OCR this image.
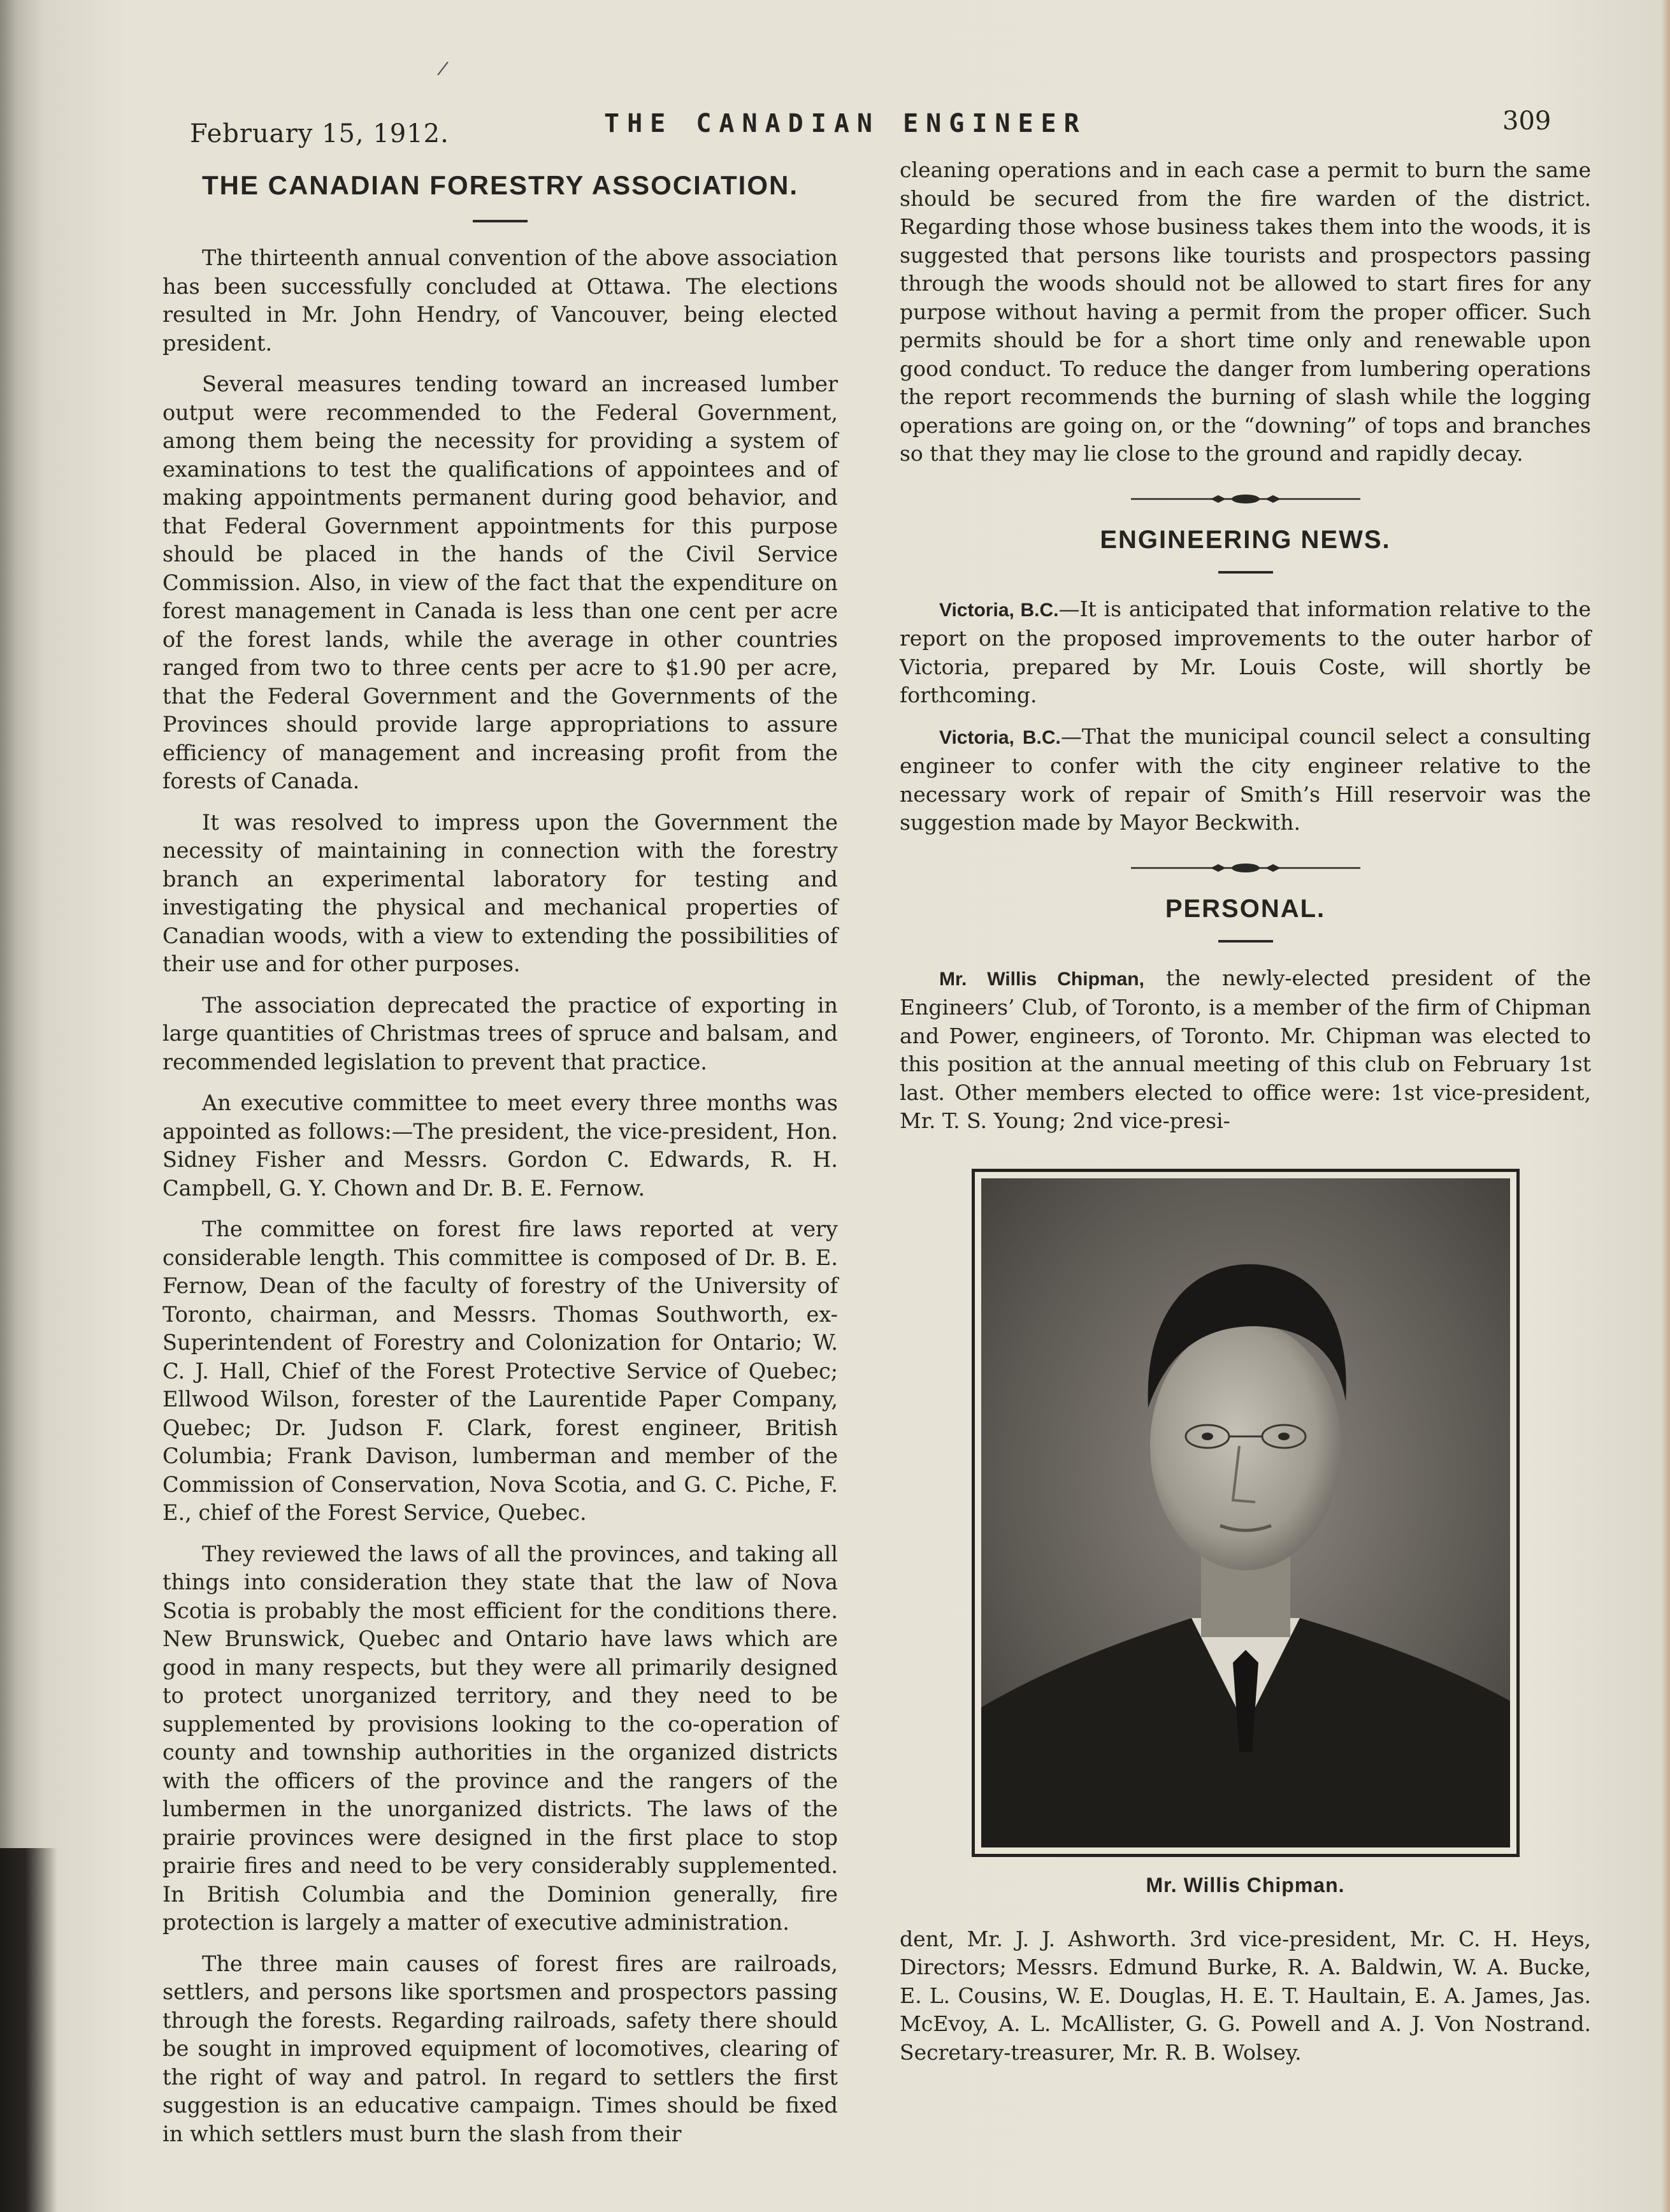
/
February 15, 1912.	THE CANADIAN ENGINEER	309
THE CANADIAN FORESTRY ASSOCIATION.

The thirteenth annual convention of the above association has been successfully concluded at Ottawa. The elections resulted in Mr. John Hendry, of Vancouver, being elected president.

Several measures tending toward an increased lumber output were recommended to the Federal Government, among them being the necessity for providing a system of examinations to test the qualifications of appointees and of making appointments permanent during good behavior, and that Federal Government appointments for this purpose should be placed in the hands of the Civil Service Commission. Also, in view of the fact that the expenditure on forest management in Canada is less than one cent per acre of the forest lands, while the average in other countries ranged from two to three cents per acre to $1.90 per acre, that the Federal Government and the Governments of the Provinces should provide large appropriations to assure efficiency of management and increasing profit from the forests of Canada.

It was resolved to impress upon the Government the necessity of maintaining in connection with the forestry branch an experimental laboratory for testing and investigating the physical and mechanical properties of Canadian woods, with a view to extending the possibilities of their use and for other purposes.

The association deprecated the practice of exporting in large quantities of Christmas trees of spruce and balsam, and recommended legislation to prevent that practice.

An executive committee to meet every three months was appointed as follows:—The president, the vice-president, Hon. Sidney Fisher and Messrs. Gordon C. Edwards, R. H. Campbell, G. Y. Chown and Dr. B. E. Fernow.

The committee on forest fire laws reported at very considerable length. This committee is composed of Dr. B. E. Fernow, Dean of the faculty of forestry of the University of Toronto, chairman, and Messrs. Thomas Southworth, ex-Superintendent of Forestry and Colonization for Ontario; W. C. J. Hall, Chief of the Forest Protective Service of Quebec; Ellwood Wilson, forester of the Laurentide Paper Company, Quebec; Dr. Judson F. Clark, forest engineer, British Columbia; Frank Davison, lumberman and member of the Commission of Conservation, Nova Scotia, and G. C. Piche, F. E., chief of the Forest Service, Quebec.

They reviewed the laws of all the provinces, and taking all things into consideration they state that the law of Nova Scotia is probably the most efficient for the conditions there. New Brunswick, Quebec and Ontario have laws which are good in many respects, but they were all primarily designed to protect unorganized territory, and they need to be supplemented by provisions looking to the co-operation of county and township authorities in the organized districts with the officers of the province and the rangers of the lumbermen in the unorganized districts. The laws of the prairie provinces were designed in the first place to stop prairie fires and need to be very considerably supplemented. In British Columbia and the Dominion generally, fire protection is largely a matter of executive administration.

The three main causes of forest fires are railroads, settlers, and persons like sportsmen and prospectors passing through the forests. Regarding railroads, safety there should be sought in improved equipment of locomotives, clearing of the right of way and patrol. In regard to settlers the first suggestion is an educative campaign. Times should be fixed in which settlers must burn the slash from their

cleaning operations and in each case a permit to burn the same should be secured from the fire warden of the district. Regarding those whose business takes them into the woods, it is suggested that persons like tourists and prospectors passing through the woods should not be allowed to start fires for any purpose without having a permit from the proper officer. Such permits should be for a short time only and renewable upon good conduct. To reduce the danger from lumbering operations the report recommends the burning of slash while the logging operations are going on, or the “downing” of tops and branches so that they may lie close to the ground and rapidly decay.

ENGINEERING NEWS.

Victoria, B.C.—It is anticipated that information relative to the report on the proposed improvements to the outer harbor of Victoria, prepared by Mr. Louis Coste, will shortly be forthcoming.

Victoria, B.C.—That the municipal council select a consulting engineer to confer with the city engineer relative to the necessary work of repair of Smith’s Hill reservoir was the suggestion made by Mayor Beckwith.

PERSONAL.

Mr. Willis Chipman, the newly-elected president of the Engineers’ Club, of Toronto, is a member of the firm of Chipman and Power, engineers, of Toronto. Mr. Chipman was elected to this position at the annual meeting of this club on February 1st last. Other members elected to office were: 1st vice-president, Mr. T. S. Young; 2nd vice-presi-

Mr. Willis Chipman.

dent, Mr. J. J. Ashworth. 3rd vice-president, Mr. C. H. Heys, Directors; Messrs. Edmund Burke, R. A. Baldwin, W. A. Bucke, E. L. Cousins, W. E. Douglas, H. E. T. Haultain, E. A. James, Jas. McEvoy, A. L. McAllister, G. G. Powell and A. J. Von Nostrand. Secretary-treasurer, Mr. R. B. Wolsey.
